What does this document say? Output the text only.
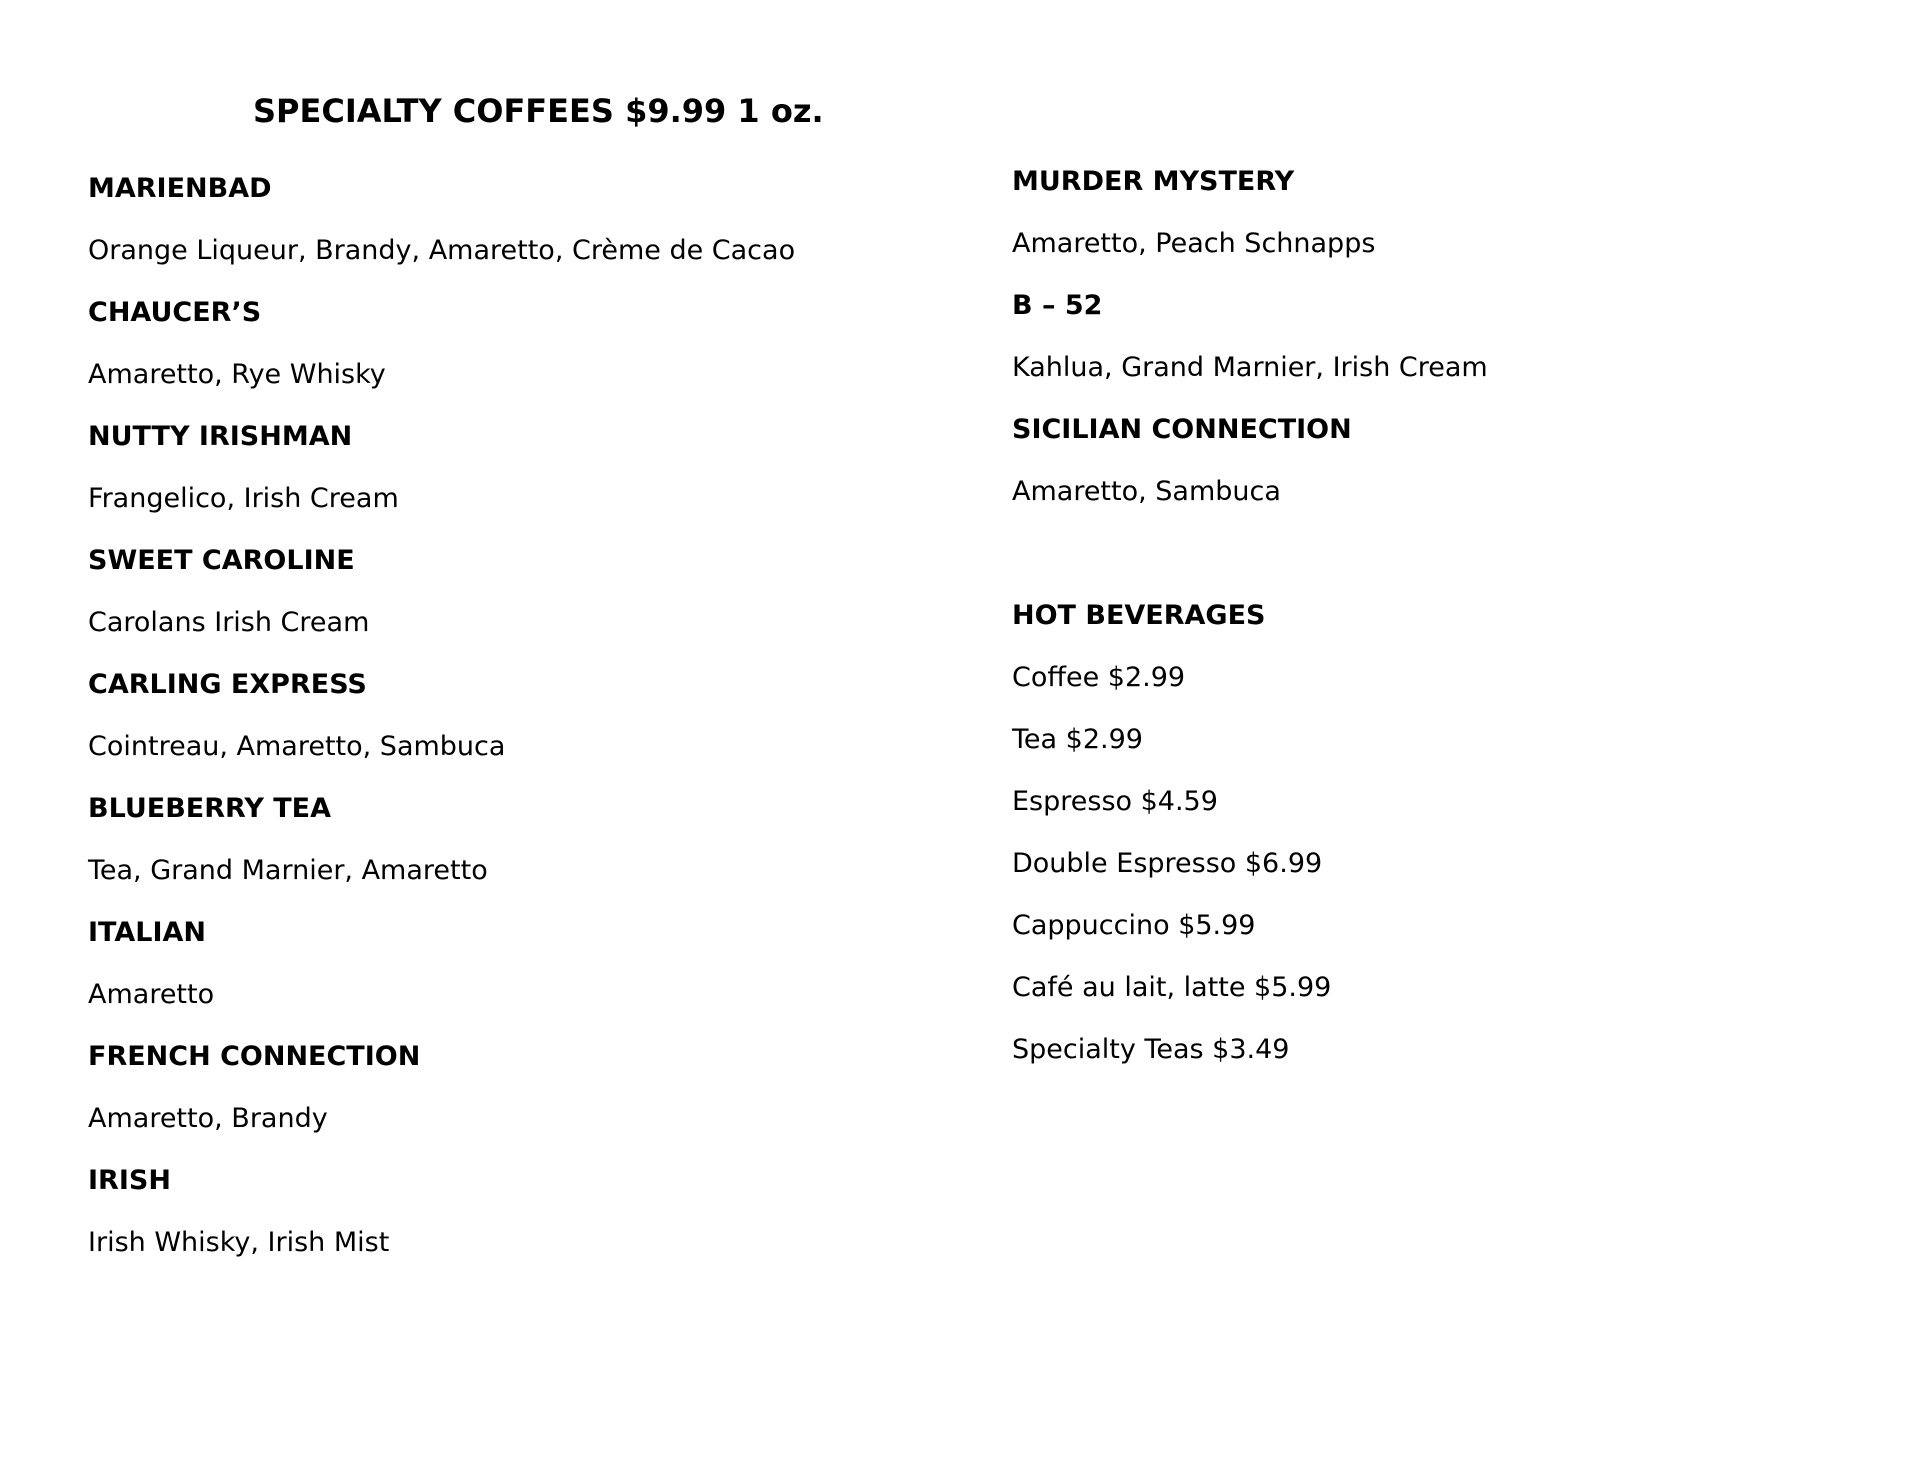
SPECIALTY COFFEES $9.99 1 oz.
MARIENBAD
Orange Liqueur, Brandy, Amaretto, Crème de Cacao
CHAUCER’S
Amaretto, Rye Whisky
NUTTY IRISHMAN
Frangelico, Irish Cream
SWEET CAROLINE
Carolans Irish Cream
CARLING EXPRESS
Cointreau, Amaretto, Sambuca
BLUEBERRY TEA
Tea, Grand Marnier, Amaretto
ITALIAN
Amaretto
FRENCH CONNECTION
Amaretto, Brandy
IRISH
Irish Whisky, Irish Mist
MURDER MYSTERY
Amaretto, Peach Schnapps
B – 52
Kahlua, Grand Marnier, Irish Cream
SICILIAN CONNECTION
Amaretto, Sambuca
HOT BEVERAGES
Coffee $2.99
Tea $2.99
Espresso $4.59
Double Espresso $6.99
Cappuccino $5.99
Café au lait, latte $5.99
Specialty Teas $3.49
